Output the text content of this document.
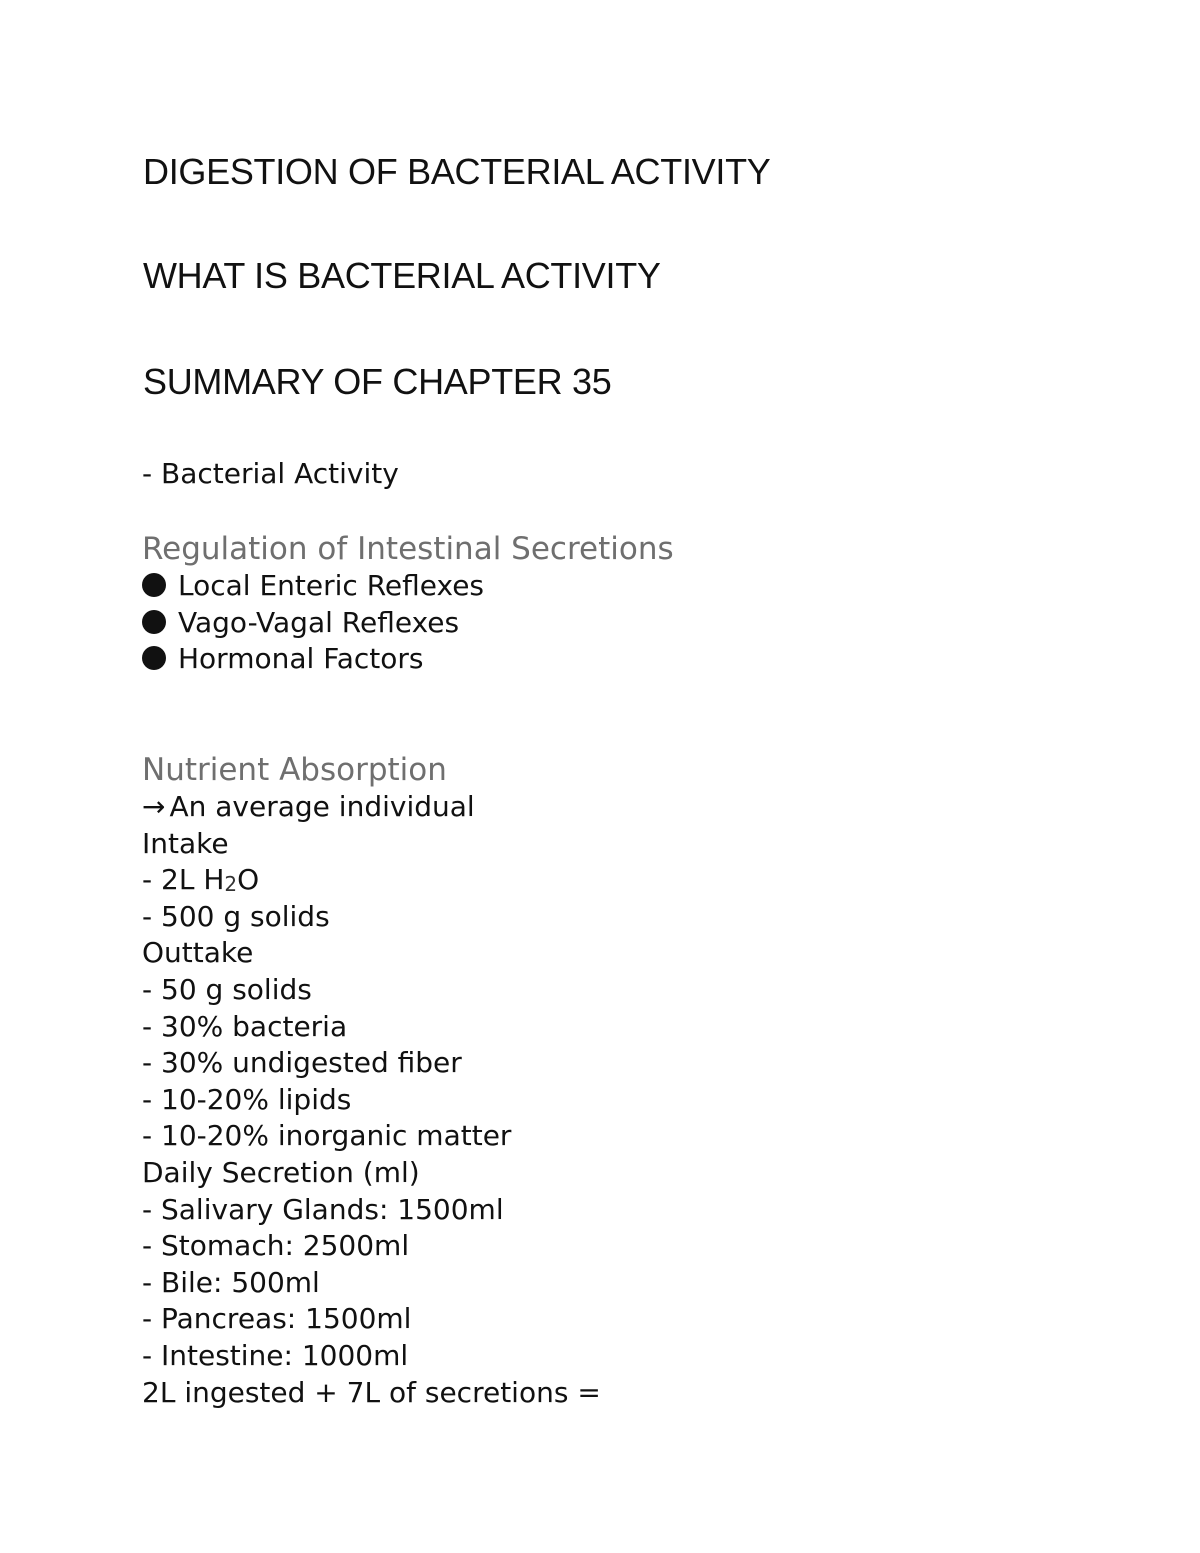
DIGESTION OF BACTERIAL ACTIVITY
WHAT IS BACTERIAL ACTIVITY
SUMMARY OF CHAPTER 35
- Bacterial Activity
Regulation of Intestinal Secretions
Local Enteric Reflexes
Vago-Vagal Reflexes
Hormonal Factors
Nutrient Absorption
→ An average individual
Intake
- 2L H2O
- 500 g solids
Outtake
- 50 g solids
- 30% bacteria
- 30% undigested fiber
- 10-20% lipids
- 10-20% inorganic matter
Daily Secretion (ml)
- Salivary Glands: 1500ml
- Stomach: 2500ml
- Bile: 500ml
- Pancreas: 1500ml
- Intestine: 1000ml
2L ingested + 7L of secretions =
